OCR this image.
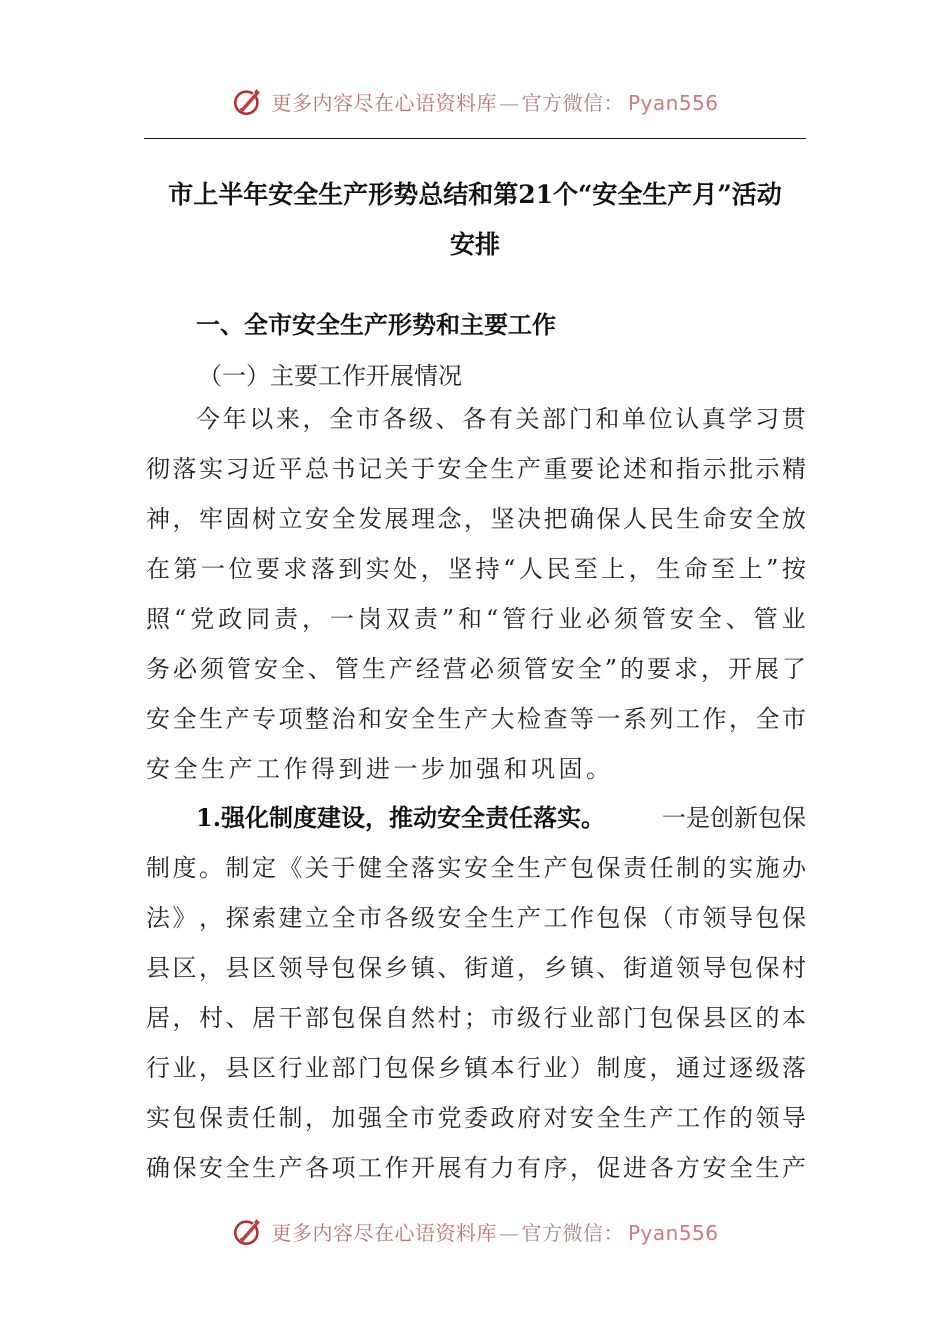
更多内容尽在心语资料库 — 官方微信： Pyan556
市上半年安全生产形势总结和第21个“安全生产月”活动
安排
一、全市安全生产形势和主要工作
（一）主要工作开展情况
今 年 以 来 ， 全 市 各 级 、 各 有 关 部 门 和 单 位 认 真 学 习 贯
彻 落 实 习 近 平 总 书 记 关 于 安 全 生 产 重 要 论 述 和 指 示 批 示 精
神 ， 牢 固 树 立 安 全 发 展 理 念 ， 坚 决 把 确 保 人 民 生 命 安 全 放
在 第 一 位 要 求 落 到 实 处 ， 坚 持 “ 人 民 至 上 ， 生 命 至 上 ” 按
照 “ 党 政 同 责 ， 一 岗 双 责 ” 和 “ 管 行 业 必 须 管 安 全 、 管 业
务 必 须 管 安 全 、 管 生 产 经 营 必 须 管 安 全 ” 的 要 求 ， 开 展 了
安 全 生 产 专 项 整 治 和 安 全 生 产 大 检 查 等 一 系 列 工 作 ， 全 市
安全生产工作得到进一步加强和巩固。
1.强化制度建设，推动安全责任落实。 一是创新包保
制 度 。 制 定 《 关 于 健 全 落 实 安 全 生 产 包 保 责 任 制 的 实 施 办
法 》 ， 探 索 建 立 全 市 各 级 安 全 生 产 工 作 包 保 （ 市 领 导 包 保
县 区 ， 县 区 领 导 包 保 乡 镇 、 街 道 ， 乡 镇 、 街 道 领 导 包 保 村
居 ， 村 、 居 干 部 包 保 自 然 村 ； 市 级 行 业 部 门 包 保 县 区 的 本
行 业 ， 县 区 行 业 部 门 包 保 乡 镇 本 行 业 ） 制 度 ， 通 过 逐 级 落
实 包 保 责 任 制 ， 加 强 全 市 党 委 政 府 对 安 全 生 产 工 作 的 领 导
确 保 安 全 生 产 各 项 工 作 开 展 有 力 有 序 ， 促 进 各 方 安 全 生 产
更多内容尽在心语资料库 — 官方微信： Pyan556
